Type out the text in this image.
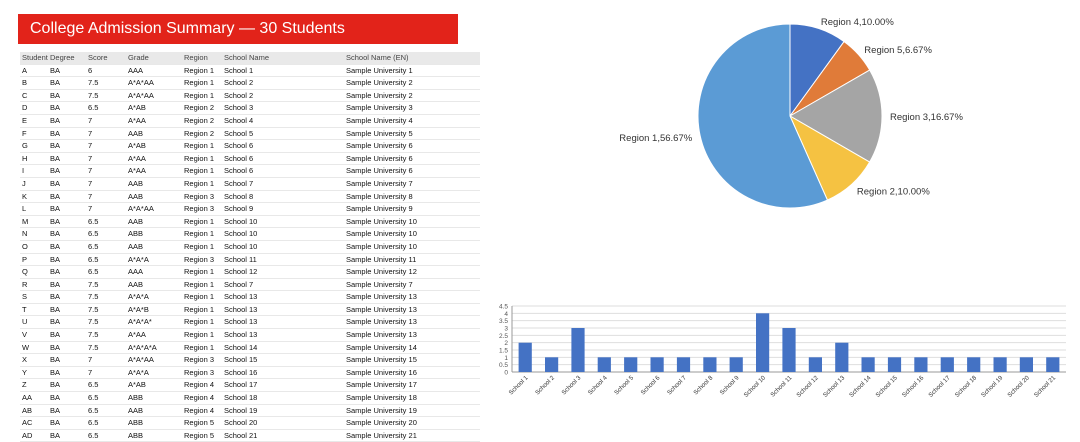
College Admission Summary — 30 Students
Student	Degree	Score	Grade	Region	School Name	School Name (EN)
A	BA	6	AAA	Region 1	School 1	Sample University 1
B	BA	7.5	A*A*AA	Region 1	School 2	Sample University 2
C	BA	7.5	A*A*AA	Region 1	School 2	Sample University 2
D	BA	6.5	A*AB	Region 2	School 3	Sample University 3
E	BA	7	A*AA	Region 2	School 4	Sample University 4
F	BA	7	AAB	Region 2	School 5	Sample University 5
G	BA	7	A*AB	Region 1	School 6	Sample University 6
H	BA	7	A*AA	Region 1	School 6	Sample University 6
I	BA	7	A*AA	Region 1	School 6	Sample University 6
J	BA	7	AAB	Region 1	School 7	Sample University 7
K	BA	7	AAB	Region 3	School 8	Sample University 8
L	BA	7	A*A*AA	Region 3	School 9	Sample University 9
M	BA	6.5	AAB	Region 1	School 10	Sample University 10
N	BA	6.5	ABB	Region 1	School 10	Sample University 10
O	BA	6.5	AAB	Region 1	School 10	Sample University 10
P	BA	6.5	A*A*A	Region 3	School 11	Sample University 11
Q	BA	6.5	AAA	Region 1	School 12	Sample University 12
R	BA	7.5	AAB	Region 1	School 7	Sample University 7
S	BA	7.5	A*A*A	Region 1	School 13	Sample University 13
T	BA	7.5	A*A*B	Region 1	School 13	Sample University 13
U	BA	7.5	A*A*A*	Region 1	School 13	Sample University 13
V	BA	7.5	A*AA	Region 1	School 13	Sample University 13
W	BA	7.5	A*A*A*A	Region 1	School 14	Sample University 14
X	BA	7	A*A*AA	Region 3	School 15	Sample University 15
Y	BA	7	A*A*A	Region 3	School 16	Sample University 16
Z	BA	6.5	A*AB	Region 4	School 17	Sample University 17
AA	BA	6.5	ABB	Region 4	School 18	Sample University 18
AB	BA	6.5	AAB	Region 4	School 19	Sample University 19
AC	BA	6.5	ABB	Region 5	School 20	Sample University 20
AD	BA	6.5	ABB	Region 5	School 21	Sample University 21
Region 4,10.00%
Region 5,6.67%
Region 3,16.67%
Region 2,10.00%
Region 1,56.67%
0
0.5
1
1.5
2
2.5
3
3.5
4
4.5
School 1 School 2 School 3 School 4 School 5 School 6 School 7 School 8 School 9 School 10 School 11 School 12 School 13 School 14 School 15 School 16 School 17 School 18 School 19 School 20 School 21
